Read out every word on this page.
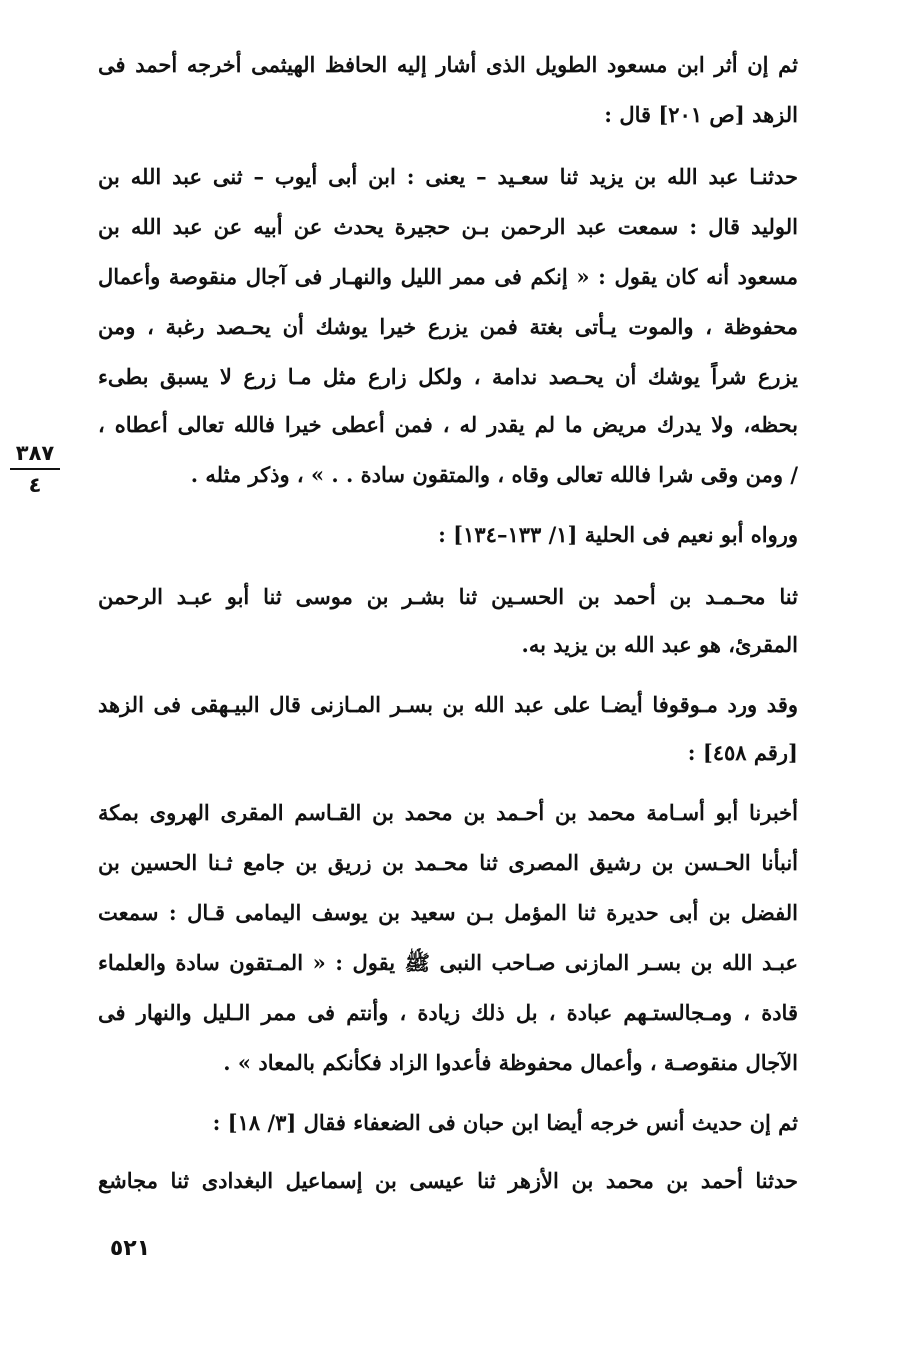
ثم إن أثر ابن مسعود الطويل الذى أشار إليه الحافظ الهيثمى أخرجه أحمد فى
الزهد [ص ٢٠١] قال :
حدثنـا عبد الله بن يزيد ثنا سعـيد – يعنى : ابن أبى أيوب – ثنى عبد الله بن
الوليد قال : سمعت عبد الرحمن بـن حجيرة يحدث عن أبيه عن عبد الله بن
مسعود أنه كان يقول : « إنكم فى ممر الليل والنهـار فى آجال منقوصة وأعمال
محفوظة ، والموت يـأتى بغتة فمن يزرع خيرا يوشك أن يحـصد رغبة ، ومن
يزرع شراً يوشك أن يحـصد ندامة ، ولكل زارع مثل مـا زرع لا يسبق بطىء
بحظه، ولا يدرك مريض ما لم يقدر له ، فمن أعطى خيرا فالله تعالى أعطاه ،
/ ومن وقى شرا فالله تعالى وقاه ، والمتقون سادة . . » ، وذكر مثله .
ورواه أبو نعيم فى الحلية [١/ ١٣٣–١٣٤] :
ثنا محـمـد بن أحمد بن الحسـين ثنا بشـر بن موسى ثنا أبو عبـد الرحمن
المقرئ، هو عبد الله بن يزيد به.
وقد ورد مـوقوفا أيضـا على عبد الله بن بسـر المـازنى قال البيـهقى فى الزهد
[رقم ٤٥٨] :
أخبرنا أبو أسـامة محمد بن أحـمد بن محمد بن القـاسم المقرى الهروى بمكة
أنبأنا الحـسن بن رشيق المصرى ثنا محـمد بن زريق بن جامع ثـنا الحسين بن
الفضل بن أبى حديرة ثنا المؤمل بـن سعيد بن يوسف اليمامى قـال : سمعت
عبـد الله بن بسـر المازنى صـاحب النبى ﷺ يقول : « المـتقون سادة والعلماء
قادة ، ومـجالستـهم عبادة ، بل ذلك زيادة ، وأنتم فى ممر الـليل والنهار فى
الآجال منقوصـة ، وأعمال محفوظة فأعدوا الزاد فكأنكم بالمعاد » .
ثم إن حديث أنس خرجه أيضا ابن حبان فى الضعفاء فقال [٣/ ١٨] :
حدثنا أحمد بن محمد بن الأزهر ثنا عيسى بن إسماعيل البغدادى ثنا مجاشع
٣٨٧
٤
٥٢١
